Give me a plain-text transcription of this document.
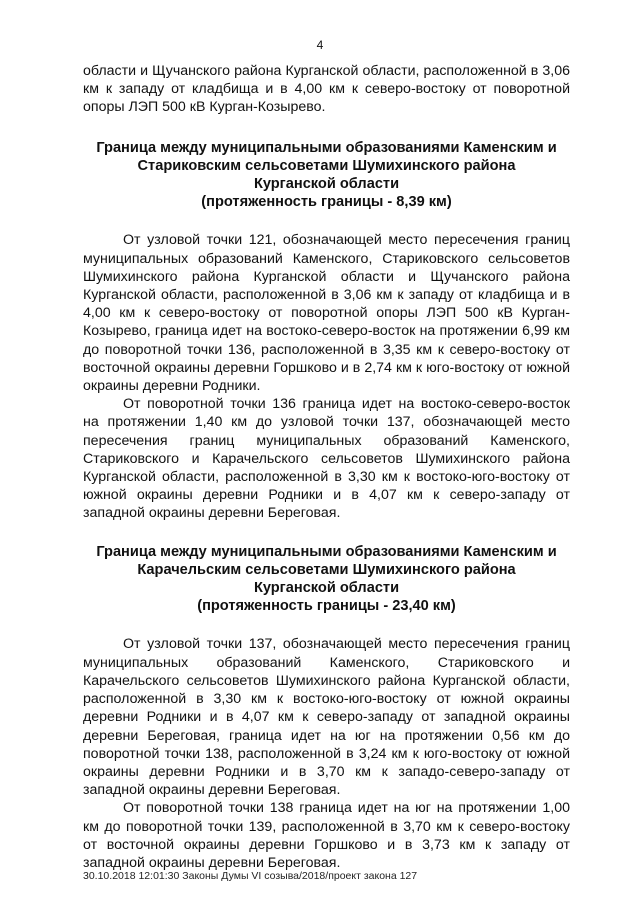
4

области и Щучанского района Курганской области, расположенной в 3,06 км к западу от кладбища и в 4,00 км к северо-востоку от поворотной опоры ЛЭП 500 кВ Курган-Козырево.

Граница между муниципальными образованиями Каменским и
Стариковским сельсоветами Шумихинского района
Курганской области
(протяженность границы - 8,39 км)

От узловой точки 121, обозначающей место пересечения границ муниципальных образований Каменского, Стариковского сельсоветов Шумихинского района Курганской области и Щучанского района Курганской области, расположенной в 3,06 км к западу от кладбища и в 4,00 км к северо-востоку от поворотной опоры ЛЭП 500 кВ Курган-Козырево, граница идет на востоко-северо-восток на протяжении 6,99 км до поворотной точки 136, расположенной в 3,35 км к северо-востоку от восточной окраины деревни Горшково и в 2,74 км к юго-востоку от южной окраины деревни Родники.

От поворотной точки 136 граница идет на востоко-северо-восток на протяжении 1,40 км до узловой точки 137, обозначающей место пересечения границ муниципальных образований Каменского, Стариковского и Карачельского сельсоветов Шумихинского района Курганской области, расположенной в 3,30 км к востоко-юго-востоку от южной окраины деревни Родники и в 4,07 км к северо-западу от западной окраины деревни Береговая.

Граница между муниципальными образованиями Каменским и
Карачельским сельсоветами Шумихинского района
Курганской области
(протяженность границы - 23,40 км)

От узловой точки 137, обозначающей место пересечения границ муниципальных образований Каменского, Стариковского и Карачельского сельсоветов Шумихинского района Курганской области, расположенной в 3,30 км к востоко-юго-востоку от южной окраины деревни Родники и в 4,07 км к северо-западу от западной окраины деревни Береговая, граница идет на юг на протяжении 0,56 км до поворотной точки 138, расположенной в 3,24 км к юго-востоку от южной окраины деревни Родники и в 3,70 км к западо-северо-западу от западной окраины деревни Береговая.

От поворотной точки 138 граница идет на юг на протяжении 1,00 км до поворотной точки 139, расположенной в 3,70 км к северо-востоку от восточной окраины деревни Горшково и в 3,73 км к западу от западной окраины деревни Береговая.

30.10.2018 12:01:30 Законы Думы VI созыва/2018/проект закона 127
